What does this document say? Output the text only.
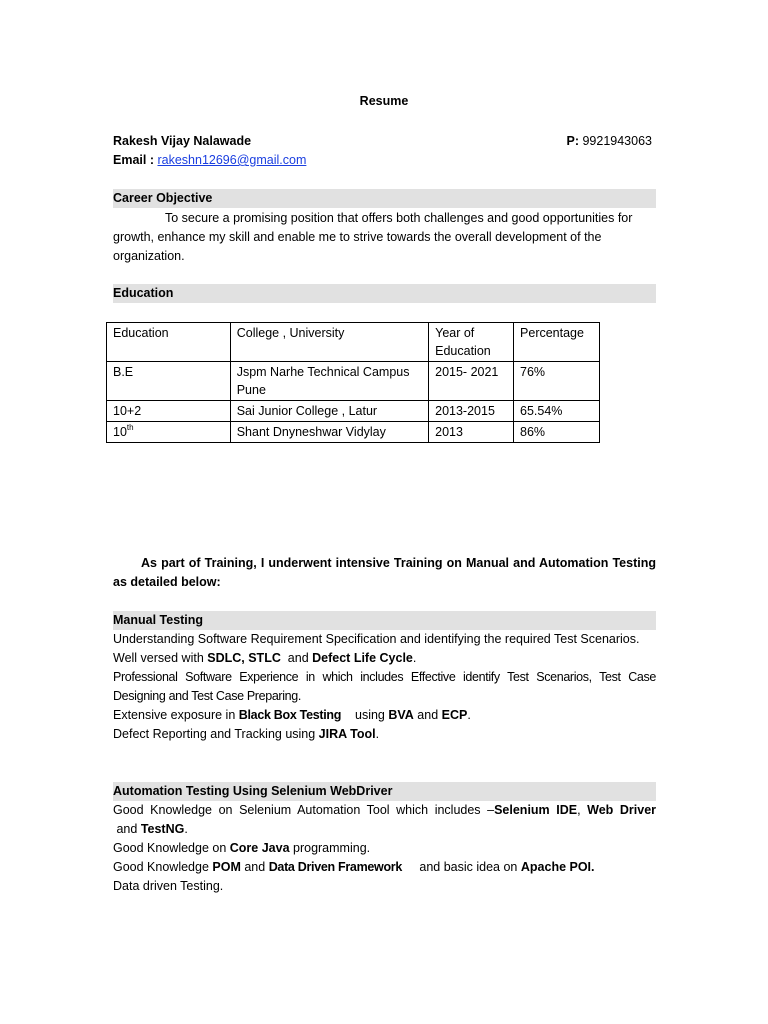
Resume
Rakesh Vijay Nalawade	P: 9921943063
Email : rakeshn12696@gmail.com
Career Objective
To secure a promising position that offers both challenges and good opportunities for growth, enhance my skill and enable me to strive towards the overall development of the organization.
Education
Education	College , University	Year of Education	Percentage
B.E	Jspm Narhe Technical Campus Pune	2015- 2021	76%
10+2	Sai Junior College , Latur	2013-2015	65.54%
10th	Shant Dnyneshwar Vidylay	2013	86%
As part of Training, I underwent intensive Training on Manual and Automation Testing as detailed below:
Manual Testing
Understanding Software Requirement Specification and identifying the required Test Scenarios.
Well versed with SDLC, STLC  and Defect Life Cycle.
Professional Software Experience in which includes Effective identify Test Scenarios, Test Case Designing and Test Case Preparing.
Extensive exposure in Black Box Testing    using BVA and ECP.
Defect Reporting and Tracking using JIRA Tool.
Automation Testing Using Selenium WebDriver
Good Knowledge on Selenium Automation Tool which includes –Selenium IDE, Web Driver and TestNG.
Good Knowledge on Core Java programming.
Good Knowledge POM and Data Driven Framework     and basic idea on Apache POI.
Data driven Testing.
